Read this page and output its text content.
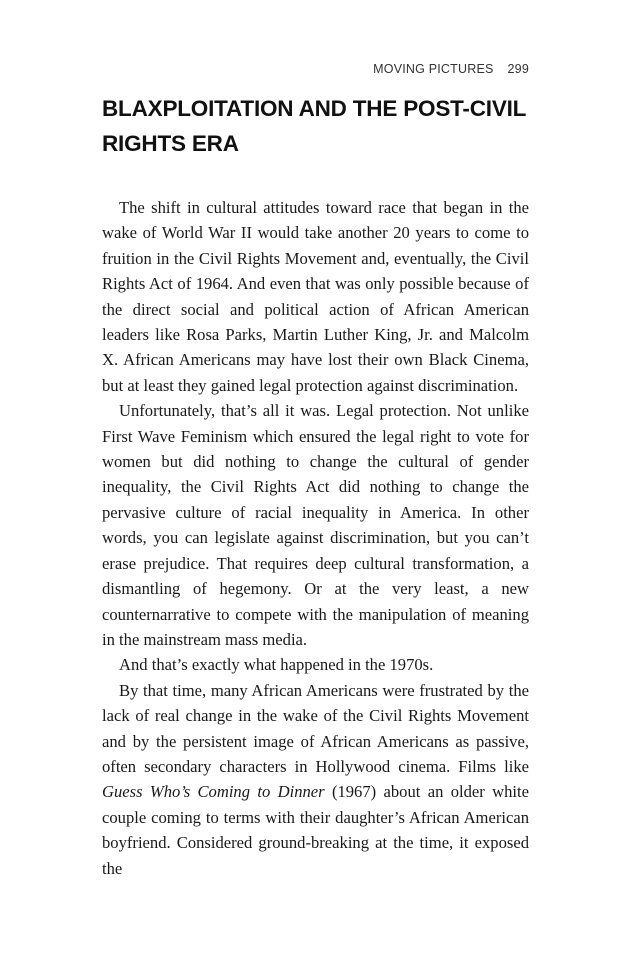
MOVING PICTURES 299
BLAXPLOITATION AND THE POST-CIVIL RIGHTS ERA

The shift in cultural attitudes toward race that began in the wake of World War II would take another 20 years to come to fruition in the Civil Rights Movement and, eventually, the Civil Rights Act of 1964. And even that was only possible because of the direct social and political action of African American leaders like Rosa Parks, Martin Luther King, Jr. and Malcolm X. African Americans may have lost their own Black Cinema, but at least they gained legal protection against discrimination.

Unfortunately, that’s all it was. Legal protection. Not unlike First Wave Feminism which ensured the legal right to vote for women but did nothing to change the cultural of gender inequality, the Civil Rights Act did nothing to change the pervasive culture of racial inequality in America. In other words, you can legislate against discrimination, but you can’t erase prejudice. That requires deep cultural transformation, a dismantling of hegemony. Or at the very least, a new counternarrative to compete with the manipulation of meaning in the mainstream mass media.

And that’s exactly what happened in the 1970s.

By that time, many African Americans were frustrated by the lack of real change in the wake of the Civil Rights Movement and by the persistent image of African Americans as passive, often secondary characters in Hollywood cinema. Films like Guess Who’s Coming to Dinner (1967) about an older white couple coming to terms with their daughter’s African American boyfriend. Considered ground-breaking at the time, it exposed the
